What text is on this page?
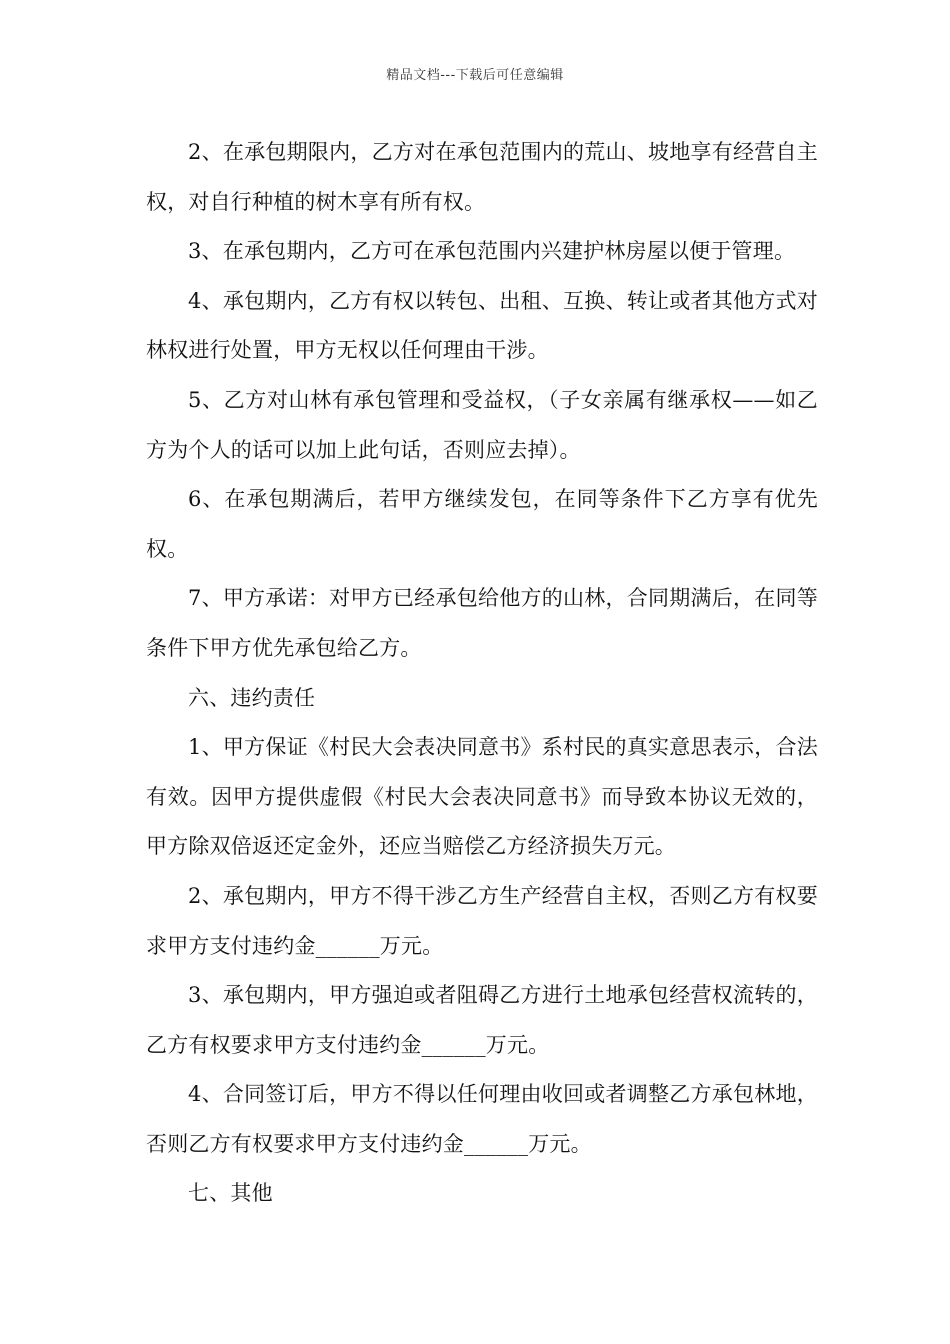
精品文档---下载后可任意编辑

2、在承包期限内，乙方对在承包范围内的荒山、坡地享有经营自主权，对自行种植的树木享有所有权。

3、在承包期内，乙方可在承包范围内兴建护林房屋以便于管理。

4、承包期内，乙方有权以转包、出租、互换、转让或者其他方式对林权进行处置，甲方无权以任何理由干涉。

5、乙方对山林有承包管理和受益权，（子女亲属有继承权——如乙方为个人的话可以加上此句话，否则应去掉）。

6、在承包期满后，若甲方继续发包，在同等条件下乙方享有优先权。

7、甲方承诺：对甲方已经承包给他方的山林，合同期满后，在同等条件下甲方优先承包给乙方。

六、违约责任

1、甲方保证《村民大会表决同意书》系村民的真实意思表示，合法有效。因甲方提供虚假《村民大会表决同意书》而导致本协议无效的，甲方除双倍返还定金外，还应当赔偿乙方经济损失万元。

2、承包期内，甲方不得干涉乙方生产经营自主权，否则乙方有权要求甲方支付违约金______万元。

3、承包期内，甲方强迫或者阻碍乙方进行土地承包经营权流转的，乙方有权要求甲方支付违约金______万元。

4、合同签订后，甲方不得以任何理由收回或者调整乙方承包林地，否则乙方有权要求甲方支付违约金______万元。

七、其他
